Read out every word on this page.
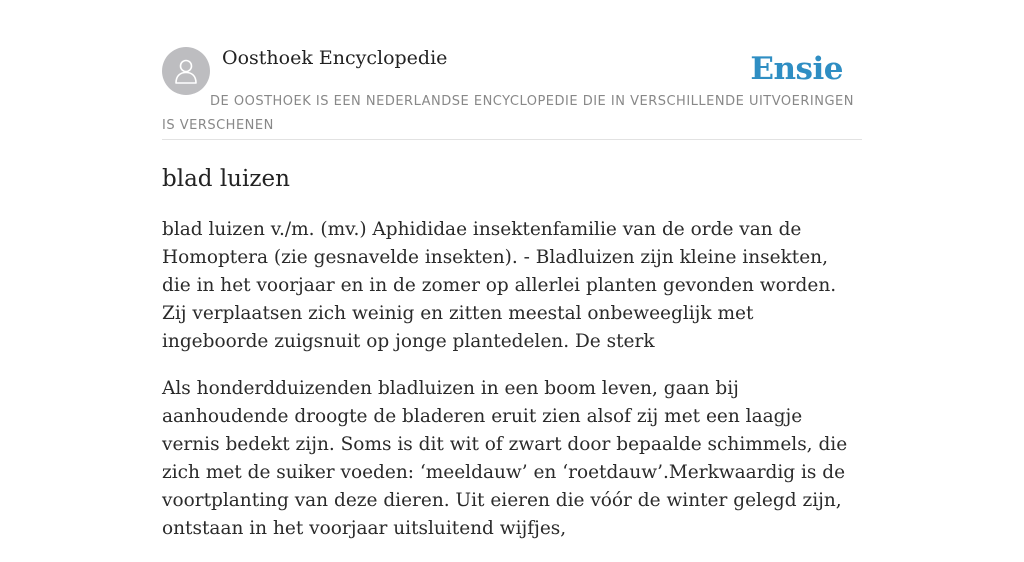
Oosthoek Encyclopedie	Ensie
DE OOSTHOEK IS EEN NEDERLANDSE ENCYCLOPEDIE DIE IN VERSCHILLENDE UITVOERINGEN IS VERSCHENEN
blad luizen

blad luizen v./m. (mv.) Aphididae insektenfamilie van de orde van de Homoptera (zie gesnavelde insekten). - Bladluizen zijn kleine insekten, die in het voorjaar en in de zomer op allerlei planten gevonden worden. Zij verplaatsen zich weinig en zitten meestal onbeweeglijk met ingeboorde zuigsnuit op jonge plantedelen. De sterk

Als honderdduizenden bladluizen in een boom leven, gaan bij aanhoudende droogte de bladeren eruit zien alsof zij met een laagje vernis bedekt zijn. Soms is dit wit of zwart door bepaalde schimmels, die zich met de suiker voeden: ‘meeldauw’ en ‘roetdauw’.Merkwaardig is de voortplanting van deze dieren. Uit eieren die vóór de winter gelegd zijn, ontstaan in het voorjaar uitsluitend wijfjes,
